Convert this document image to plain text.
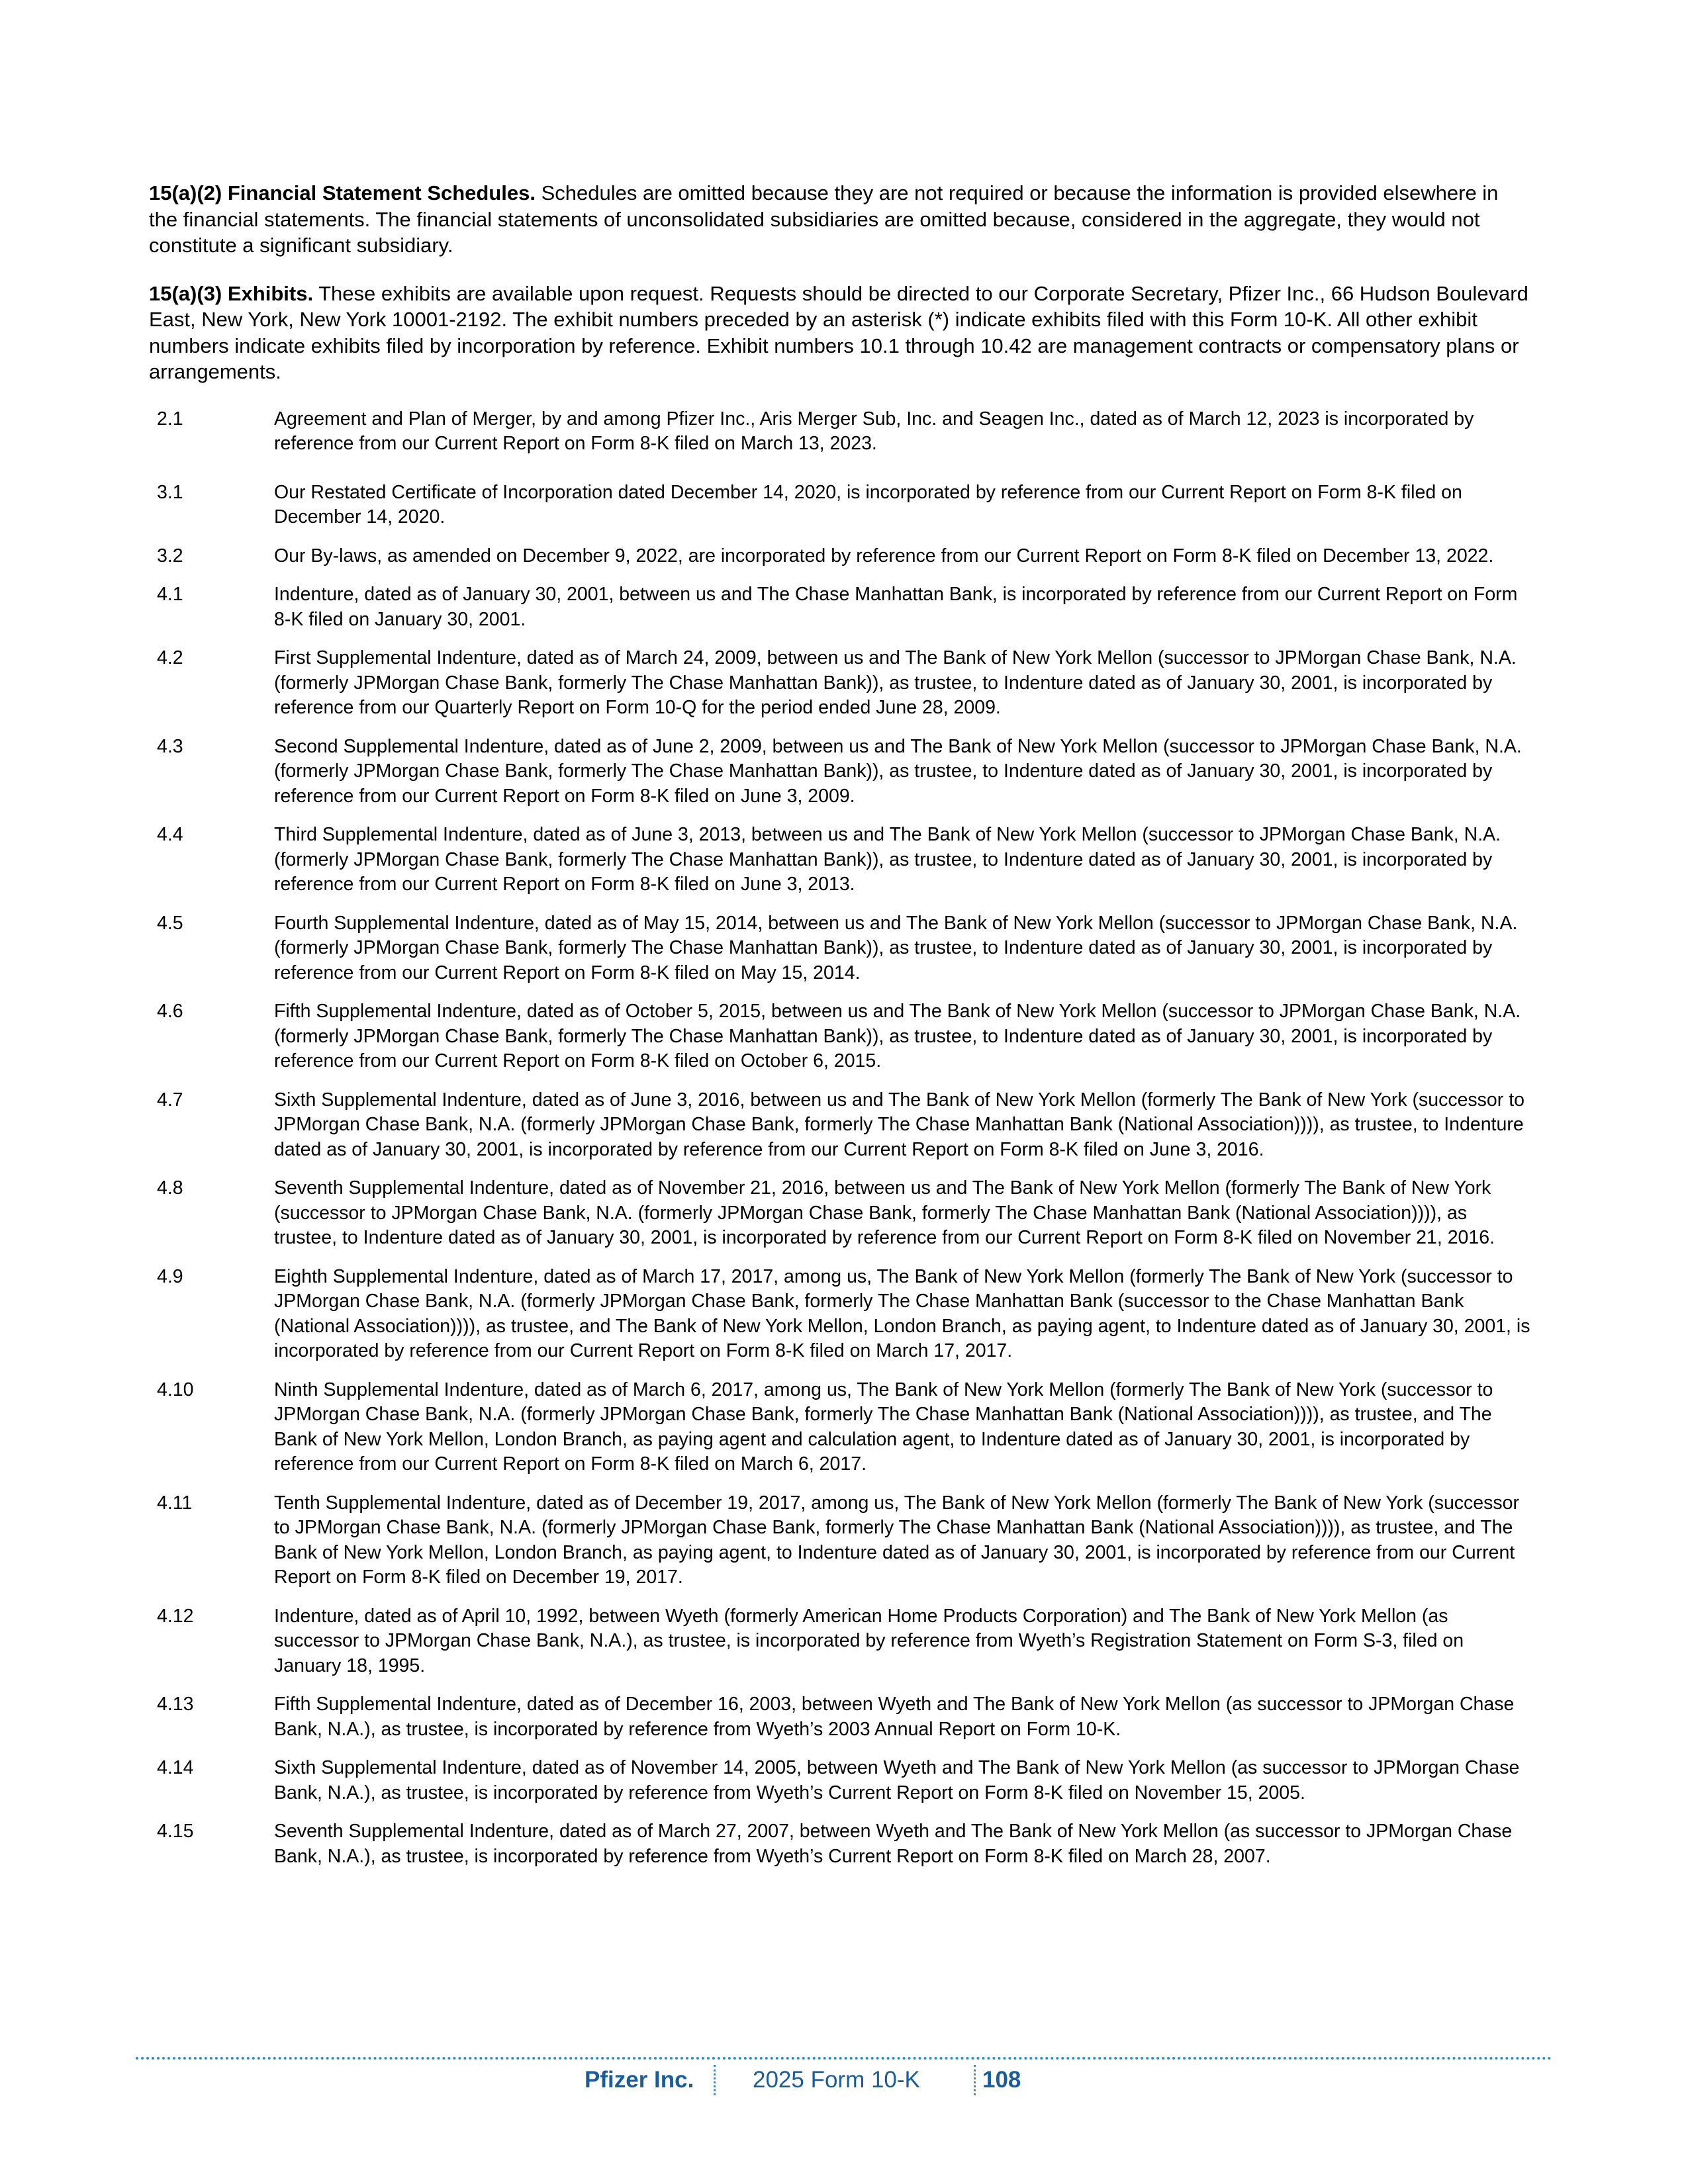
15(a)(2) Financial Statement Schedules. Schedules are omitted because they are not required or because the information is provided elsewhere in the financial statements. The financial statements of unconsolidated subsidiaries are omitted because, considered in the aggregate, they would not constitute a significant subsidiary.

15(a)(3) Exhibits. These exhibits are available upon request. Requests should be directed to our Corporate Secretary, Pfizer Inc., 66 Hudson Boulevard East, New York, New York 10001-2192. The exhibit numbers preceded by an asterisk (*) indicate exhibits filed with this Form 10-K. All other exhibit numbers indicate exhibits filed by incorporation by reference. Exhibit numbers 10.1 through 10.42 are management contracts or compensatory plans or arrangements.

2.1	Agreement and Plan of Merger, by and among Pfizer Inc., Aris Merger Sub, Inc. and Seagen Inc., dated as of March 12, 2023 is incorporated by reference from our Current Report on Form 8-K filed on March 13, 2023.
3.1	Our Restated Certificate of Incorporation dated December 14, 2020, is incorporated by reference from our Current Report on Form 8-K filed on December 14, 2020.
3.2	Our By-laws, as amended on December 9, 2022, are incorporated by reference from our Current Report on Form 8-K filed on December 13, 2022.
4.1	Indenture, dated as of January 30, 2001, between us and The Chase Manhattan Bank, is incorporated by reference from our Current Report on Form 8-K filed on January 30, 2001.
4.2	First Supplemental Indenture, dated as of March 24, 2009, between us and The Bank of New York Mellon (successor to JPMorgan Chase Bank, N.A. (formerly JPMorgan Chase Bank, formerly The Chase Manhattan Bank)), as trustee, to Indenture dated as of January 30, 2001, is incorporated by reference from our Quarterly Report on Form 10-Q for the period ended June 28, 2009.
4.3	Second Supplemental Indenture, dated as of June 2, 2009, between us and The Bank of New York Mellon (successor to JPMorgan Chase Bank, N.A. (formerly JPMorgan Chase Bank, formerly The Chase Manhattan Bank)), as trustee, to Indenture dated as of January 30, 2001, is incorporated by reference from our Current Report on Form 8-K filed on June 3, 2009.
4.4	Third Supplemental Indenture, dated as of June 3, 2013, between us and The Bank of New York Mellon (successor to JPMorgan Chase Bank, N.A. (formerly JPMorgan Chase Bank, formerly The Chase Manhattan Bank)), as trustee, to Indenture dated as of January 30, 2001, is incorporated by reference from our Current Report on Form 8-K filed on June 3, 2013.
4.5	Fourth Supplemental Indenture, dated as of May 15, 2014, between us and The Bank of New York Mellon (successor to JPMorgan Chase Bank, N.A. (formerly JPMorgan Chase Bank, formerly The Chase Manhattan Bank)), as trustee, to Indenture dated as of January 30, 2001, is incorporated by reference from our Current Report on Form 8-K filed on May 15, 2014.
4.6	Fifth Supplemental Indenture, dated as of October 5, 2015, between us and The Bank of New York Mellon (successor to JPMorgan Chase Bank, N.A. (formerly JPMorgan Chase Bank, formerly The Chase Manhattan Bank)), as trustee, to Indenture dated as of January 30, 2001, is incorporated by reference from our Current Report on Form 8-K filed on October 6, 2015.
4.7	Sixth Supplemental Indenture, dated as of June 3, 2016, between us and The Bank of New York Mellon (formerly The Bank of New York (successor to JPMorgan Chase Bank, N.A. (formerly JPMorgan Chase Bank, formerly The Chase Manhattan Bank (National Association)))), as trustee, to Indenture dated as of January 30, 2001, is incorporated by reference from our Current Report on Form 8-K filed on June 3, 2016.
4.8	Seventh Supplemental Indenture, dated as of November 21, 2016, between us and The Bank of New York Mellon (formerly The Bank of New York (successor to JPMorgan Chase Bank, N.A. (formerly JPMorgan Chase Bank, formerly The Chase Manhattan Bank (National Association)))), as trustee, to Indenture dated as of January 30, 2001, is incorporated by reference from our Current Report on Form 8-K filed on November 21, 2016.
4.9	Eighth Supplemental Indenture, dated as of March 17, 2017, among us, The Bank of New York Mellon (formerly The Bank of New York (successor to JPMorgan Chase Bank, N.A. (formerly JPMorgan Chase Bank, formerly The Chase Manhattan Bank (successor to the Chase Manhattan Bank (National Association)))), as trustee, and The Bank of New York Mellon, London Branch, as paying agent, to Indenture dated as of January 30, 2001, is incorporated by reference from our Current Report on Form 8-K filed on March 17, 2017.
4.10	Ninth Supplemental Indenture, dated as of March 6, 2017, among us, The Bank of New York Mellon (formerly The Bank of New York (successor to JPMorgan Chase Bank, N.A. (formerly JPMorgan Chase Bank, formerly The Chase Manhattan Bank (National Association)))), as trustee, and The Bank of New York Mellon, London Branch, as paying agent and calculation agent, to Indenture dated as of January 30, 2001, is incorporated by reference from our Current Report on Form 8-K filed on March 6, 2017.
4.11	Tenth Supplemental Indenture, dated as of December 19, 2017, among us, The Bank of New York Mellon (formerly The Bank of New York (successor to JPMorgan Chase Bank, N.A. (formerly JPMorgan Chase Bank, formerly The Chase Manhattan Bank (National Association)))), as trustee, and The Bank of New York Mellon, London Branch, as paying agent, to Indenture dated as of January 30, 2001, is incorporated by reference from our Current Report on Form 8-K filed on December 19, 2017.
4.12	Indenture, dated as of April 10, 1992, between Wyeth (formerly American Home Products Corporation) and The Bank of New York Mellon (as successor to JPMorgan Chase Bank, N.A.), as trustee, is incorporated by reference from Wyeth’s Registration Statement on Form S-3, filed on January 18, 1995.
4.13	Fifth Supplemental Indenture, dated as of December 16, 2003, between Wyeth and The Bank of New York Mellon (as successor to JPMorgan Chase Bank, N.A.), as trustee, is incorporated by reference from Wyeth’s 2003 Annual Report on Form 10-K.
4.14	Sixth Supplemental Indenture, dated as of November 14, 2005, between Wyeth and The Bank of New York Mellon (as successor to JPMorgan Chase Bank, N.A.), as trustee, is incorporated by reference from Wyeth’s Current Report on Form 8-K filed on November 15, 2005.
4.15	Seventh Supplemental Indenture, dated as of March 27, 2007, between Wyeth and The Bank of New York Mellon (as successor to JPMorgan Chase Bank, N.A.), as trustee, is incorporated by reference from Wyeth’s Current Report on Form 8-K filed on March 28, 2007.
Pfizer Inc.	2025 Form 10-K	108
